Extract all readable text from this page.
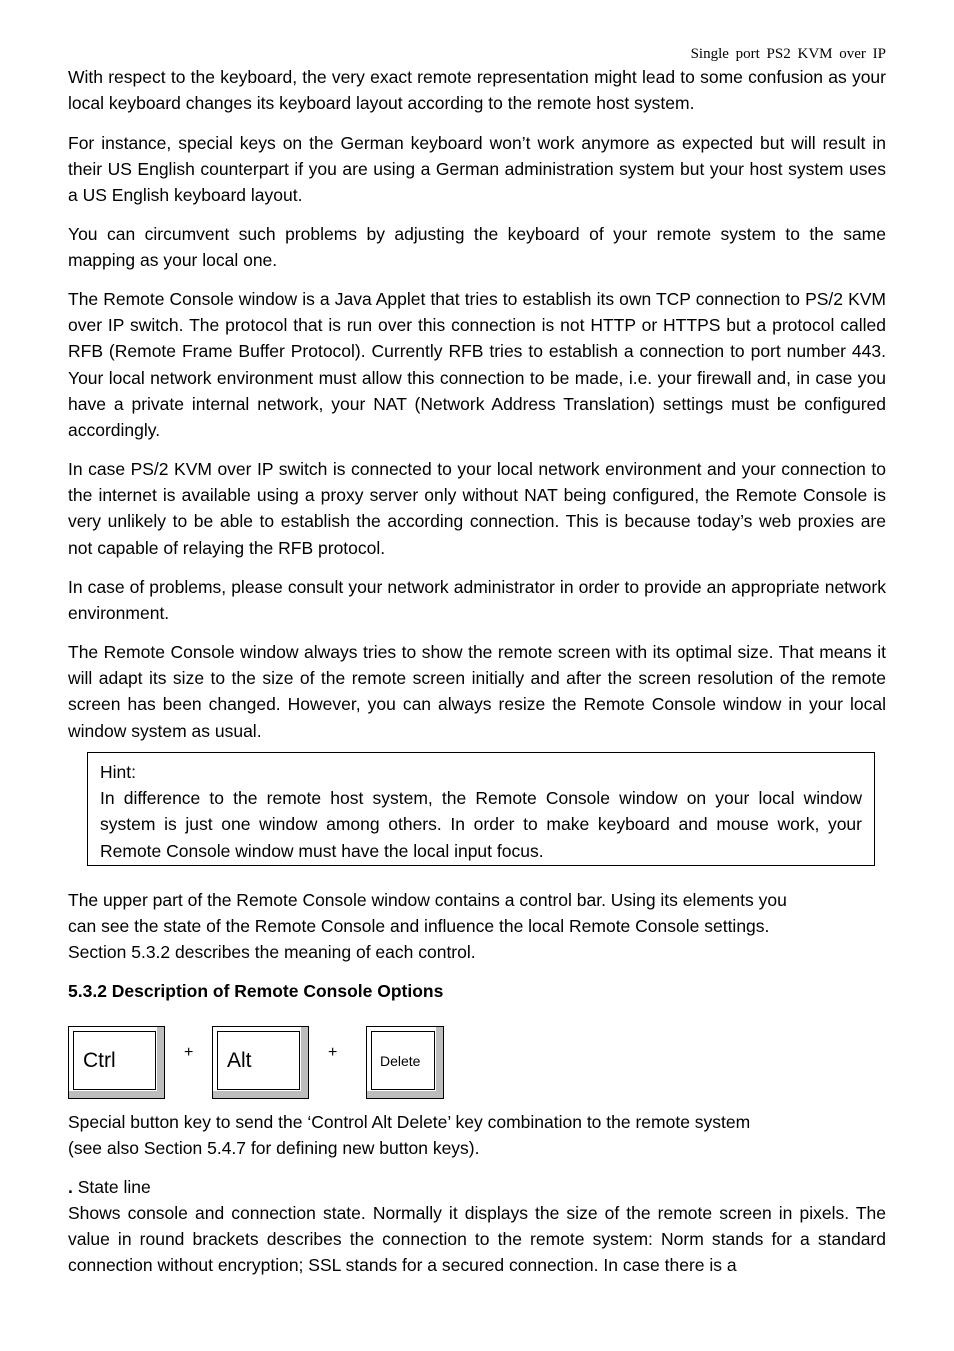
Single port PS2 KVM over IP

With respect to the keyboard, the very exact remote representation might lead to some confusion as your local keyboard changes its keyboard layout according to the remote host system.

For instance, special keys on the German keyboard won’t work anymore as expected but will result in their US English counterpart if you are using a German administration system but your host system uses a US English keyboard layout.

You can circumvent such problems by adjusting the keyboard of your remote system to the same mapping as your local one.

The Remote Console window is a Java Applet that tries to establish its own TCP connection to PS/2 KVM over IP switch. The protocol that is run over this connection is not HTTP or HTTPS but a protocol called RFB (Remote Frame Buffer Protocol). Currently RFB tries to establish a connection to port number 443. Your local network environment must allow this connection to be made, i.e. your firewall and, in case you have a private internal network, your NAT (Network Address Translation) settings must be configured accordingly.

In case PS/2 KVM over IP switch is connected to your local network environment and your connection to the internet is available using a proxy server only without NAT being configured, the Remote Console is very unlikely to be able to establish the according connection. This is because today’s web proxies are not capable of relaying the RFB protocol.

In case of problems, please consult your network administrator in order to provide an appropriate network environment.

The Remote Console window always tries to show the remote screen with its optimal size. That means it will adapt its size to the size of the remote screen initially and after the screen resolution of the remote screen has been changed. However, you can always resize the Remote Console window in your local window system as usual.

Hint:

In difference to the remote host system, the Remote Console window on your local window system is just one window among others. In order to make keyboard and mouse work, your Remote Console window must have the local input focus.

The upper part of the Remote Console window contains a control bar. Using its elements you

can see the state of the Remote Console and influence the local Remote Console settings.

Section 5.3.2 describes the meaning of each control.

5.3.2 Description of Remote Console Options

Ctrl	+ Alt	+	Delete

Special button key to send the ‘Control Alt Delete’ key combination to the remote system

(see also Section 5.4.7 for defining new button keys).

. State line

Shows console and connection state. Normally it displays the size of the remote screen in pixels. The value in round brackets describes the connection to the remote system: Norm stands for a standard connection without encryption; SSL stands for a secured connection. In case there is a
